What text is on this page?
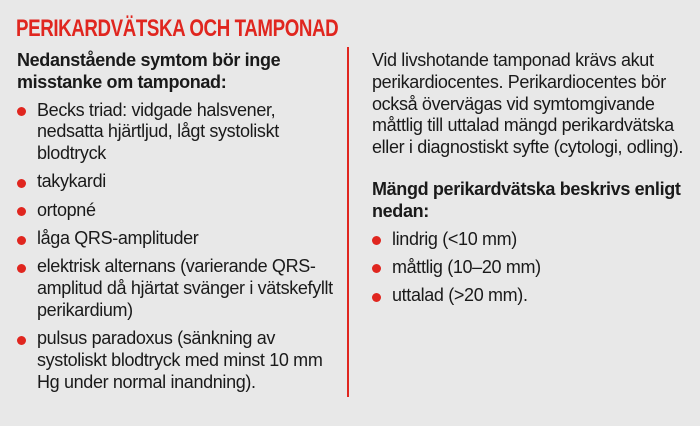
PERIKARDVÄTSKA OCH TAMPONAD

Nedanstående symtom bör inge misstanke om tamponad:

Becks triad: vidgade halsvener, nedsatta hjärtljud, lågt systoliskt blodtryck
takykardi
ortopné
låga QRS-amplituder
elektrisk alternans (varierande QRS-amplitud då hjärtat svänger i vätskefyllt perikardium)
pulsus paradoxus (sänkning av systoliskt blodtryck med minst 10 mm Hg under normal inandning).

Vid livshotande tamponad krävs akut perikardiocentes. Perikardiocentes bör också övervägas vid symtomgivande måttlig till uttalad mängd perikardvätska eller i diagnostiskt syfte (cytologi, odling).

Mängd perikardvätska beskrivs enligt nedan:

lindrig (<10 mm)
måttlig (10–20 mm)
uttalad (>20 mm).
